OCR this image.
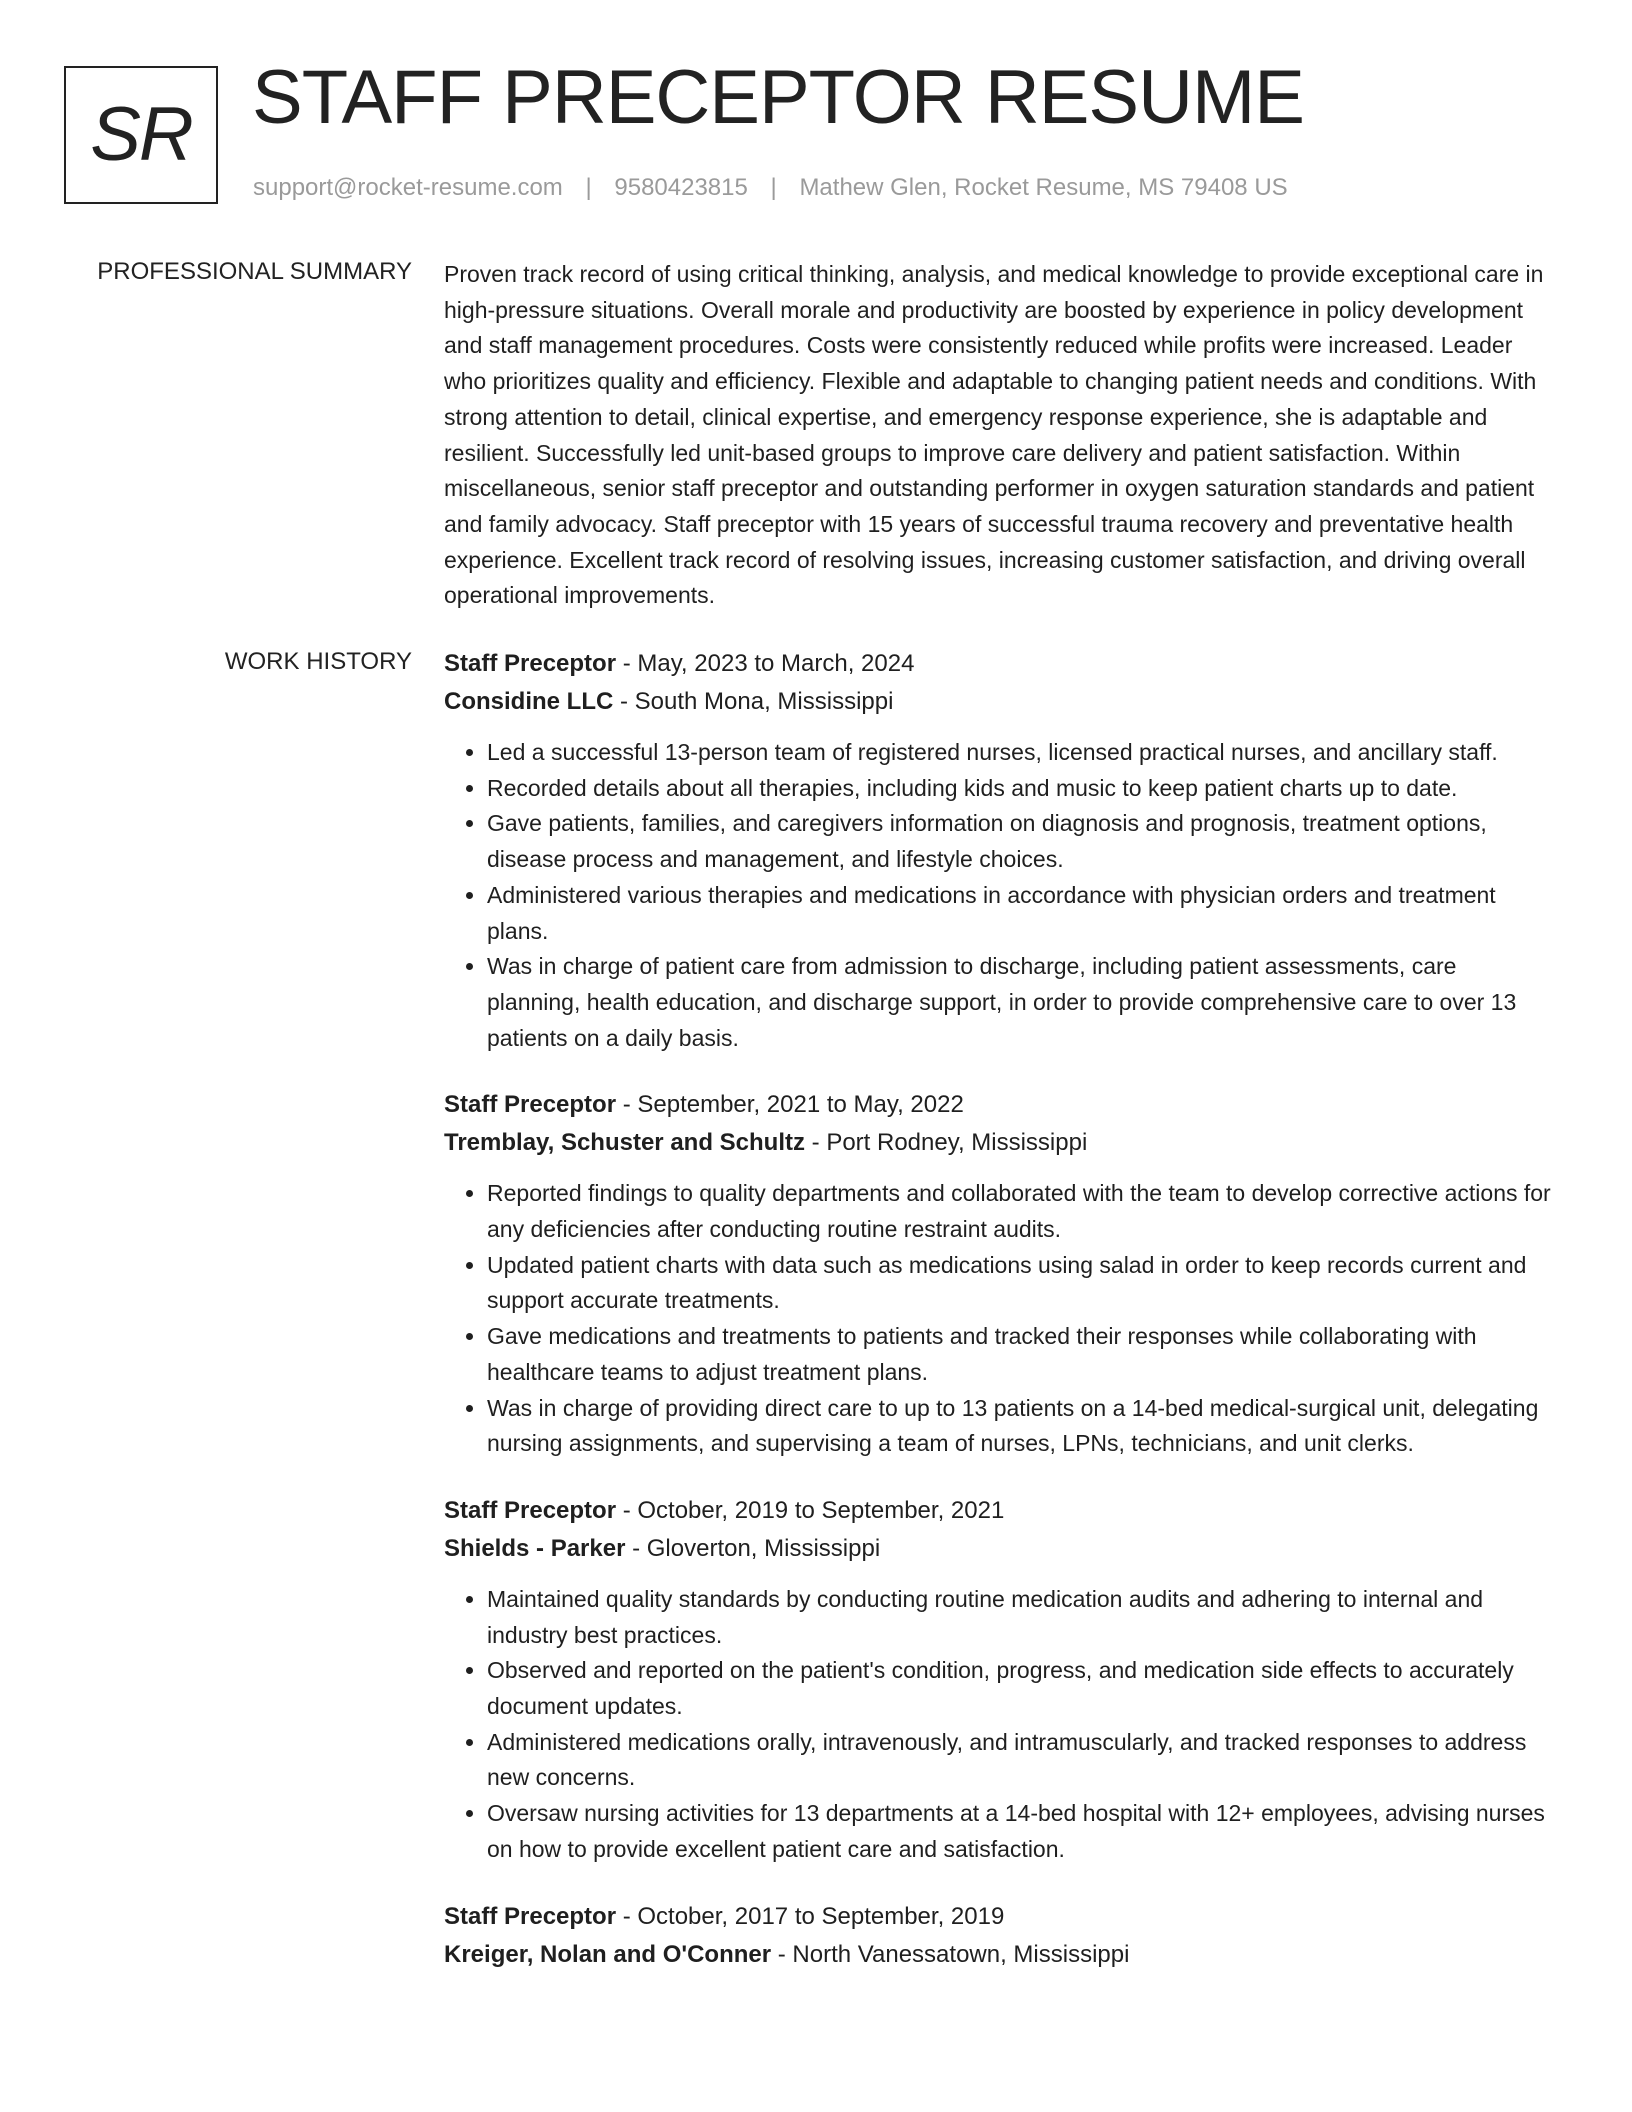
SR STAFF PRECEPTOR RESUME
support@rocket-resume.com | 9580423815 | Mathew Glen, Rocket Resume, MS 79408 US
PROFESSIONAL SUMMARY Proven track record of using critical thinking, analysis, and medical knowledge to provide exceptional care in high-pressure situations. Overall morale and productivity are boosted by experience in policy development and staff management procedures. Costs were consistently reduced while profits were increased. Leader who prioritizes quality and efficiency. Flexible and adaptable to changing patient needs and conditions. With strong attention to detail, clinical expertise, and emergency response experience, she is adaptable and resilient. Successfully led unit-based groups to improve care delivery and patient satisfaction. Within miscellaneous, senior staff preceptor and outstanding performer in oxygen saturation standards and patient and family advocacy. Staff preceptor with 15 years of successful trauma recovery and preventative health experience. Excellent track record of resolving issues, increasing customer satisfaction, and driving overall operational improvements.

WORK HISTORY Staff Preceptor - May, 2023 to March, 2024
Considine LLC - South Mona, Mississippi
• Led a successful 13-person team of registered nurses, licensed practical nurses, and ancillary staff.
• Recorded details about all therapies, including kids and music to keep patient charts up to date.
• Gave patients, families, and caregivers information on diagnosis and prognosis, treatment options, disease process and management, and lifestyle choices.
• Administered various therapies and medications in accordance with physician orders and treatment plans.
• Was in charge of patient care from admission to discharge, including patient assessments, care planning, health education, and discharge support, in order to provide comprehensive care to over 13 patients on a daily basis.
Staff Preceptor - September, 2021 to May, 2022
Tremblay, Schuster and Schultz - Port Rodney, Mississippi
• Reported findings to quality departments and collaborated with the team to develop corrective actions for any deficiencies after conducting routine restraint audits.
• Updated patient charts with data such as medications using salad in order to keep records current and support accurate treatments.
• Gave medications and treatments to patients and tracked their responses while collaborating with healthcare teams to adjust treatment plans.
• Was in charge of providing direct care to up to 13 patients on a 14-bed medical-surgical unit, delegating nursing assignments, and supervising a team of nurses, LPNs, technicians, and unit clerks.
Staff Preceptor - October, 2019 to September, 2021
Shields - Parker - Gloverton, Mississippi
• Maintained quality standards by conducting routine medication audits and adhering to internal and industry best practices.
• Observed and reported on the patient's condition, progress, and medication side effects to accurately document updates.
• Administered medications orally, intravenously, and intramuscularly, and tracked responses to address new concerns.
• Oversaw nursing activities for 13 departments at a 14-bed hospital with 12+ employees, advising nurses on how to provide excellent patient care and satisfaction.
Staff Preceptor - October, 2017 to September, 2019
Kreiger, Nolan and O'Conner - North Vanessatown, Mississippi
